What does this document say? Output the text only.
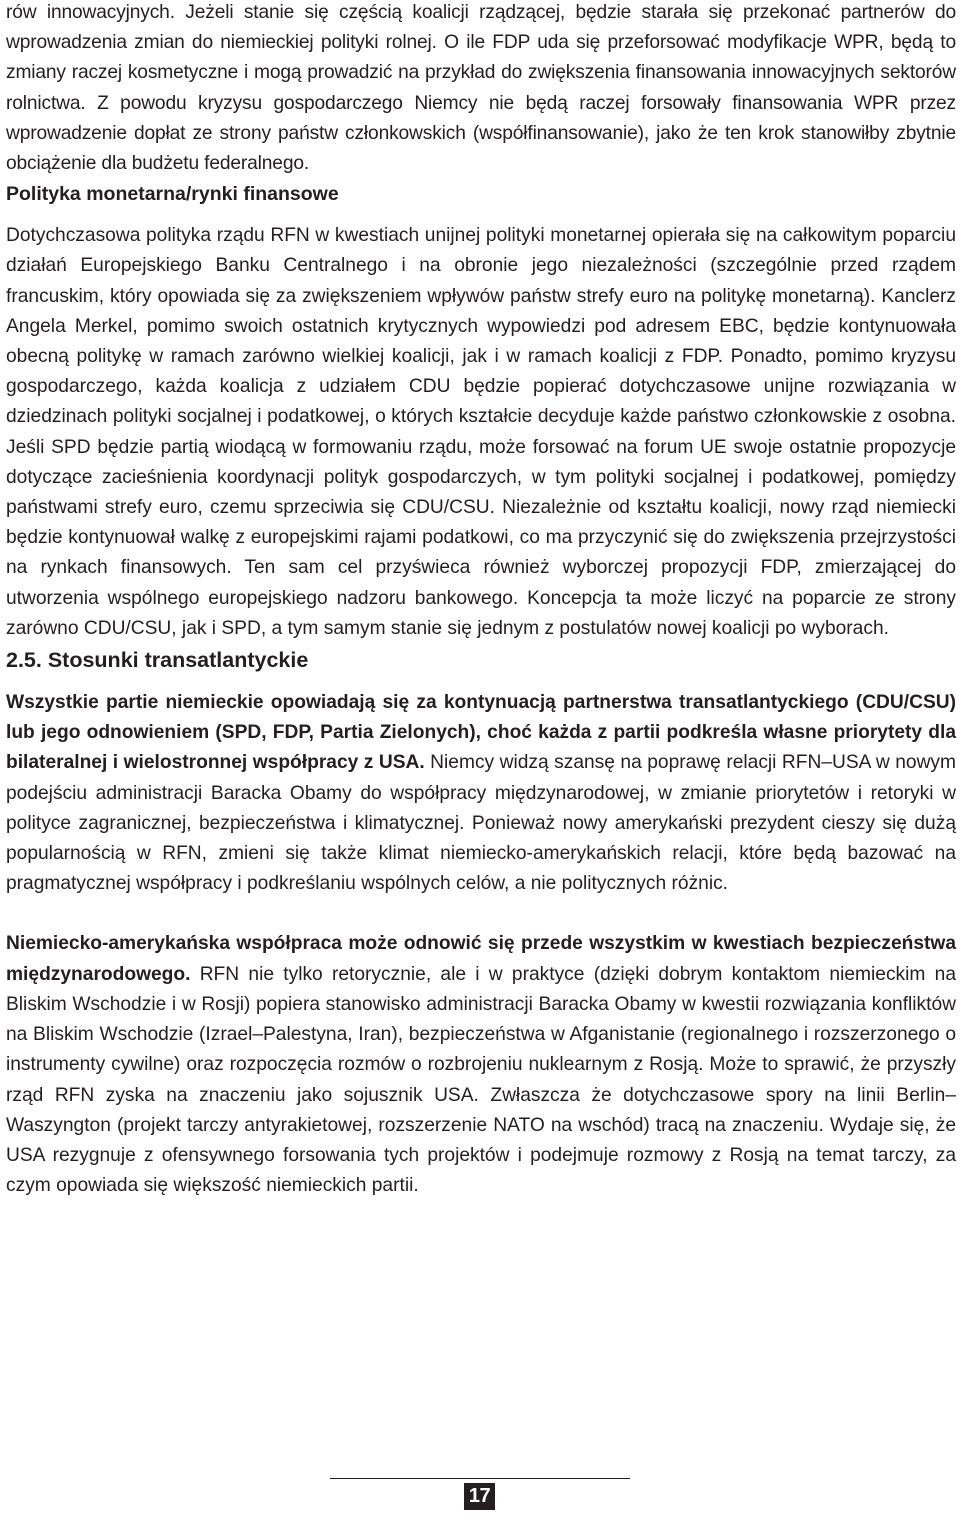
rów innowacyjnych. Jeżeli stanie się częścią koalicji rządzącej, będzie starała się przekonać partnerów do wprowadzenia zmian do niemieckiej polityki rolnej. O ile FDP uda się przeforsować modyfikacje WPR, będą to zmiany raczej kosmetyczne i mogą prowadzić na przykład do zwiększenia finansowania innowacyjnych sektorów rolnictwa. Z powodu kryzysu gospodarczego Niemcy nie będą raczej forsowały finansowania WPR przez wprowadzenie dopłat ze strony państw członkowskich (współfinansowanie), jako że ten krok stanowiłby zbytnie obciążenie dla budżetu federalnego.

Polityka monetarna/rynki finansowe

Dotychczasowa polityka rządu RFN w kwestiach unijnej polityki monetarnej opierała się na całkowitym poparciu działań Europejskiego Banku Centralnego i na obronie jego niezależności (szczególnie przed rządem francuskim, który opowiada się za zwiększeniem wpływów państw strefy euro na politykę monetarną). Kanclerz Angela Merkel, pomimo swoich ostatnich krytycznych wypowiedzi pod adresem EBC, będzie kontynuowała obecną politykę w ramach zarówno wielkiej koalicji, jak i w ramach koalicji z FDP. Ponadto, pomimo kryzysu gospodarczego, każda koalicja z udziałem CDU będzie popierać dotychczasowe unijne rozwiązania w dziedzinach polityki socjalnej i podatkowej, o których kształcie decyduje każde państwo członkowskie z osobna. Jeśli SPD będzie partią wiodącą w formowaniu rządu, może forsować na forum UE swoje ostatnie propozycje dotyczące zacieśnienia koordynacji polityk gospodarczych, w tym polityki socjalnej i podatkowej, pomiędzy państwami strefy euro, czemu sprzeciwia się CDU/CSU. Niezależnie od kształtu koalicji, nowy rząd niemiecki będzie kontynuował walkę z europejskimi rajami podatkowi, co ma przyczynić się do zwiększenia przejrzystości na rynkach finansowych. Ten sam cel przyświeca również wyborczej propozycji FDP, zmierzającej do utworzenia wspólnego europejskiego nadzoru bankowego. Koncepcja ta może liczyć na poparcie ze strony zarówno CDU/CSU, jak i SPD, a tym samym stanie się jednym z postulatów nowej koalicji po wyborach.

2.5. Stosunki transatlantyckie

Wszystkie partie niemieckie opowiadają się za kontynuacją partnerstwa transatlantyckiego (CDU/CSU) lub jego odnowieniem (SPD, FDP, Partia Zielonych), choć każda z partii podkreśla własne priorytety dla bilateralnej i wielostronnej współpracy z USA. Niemcy widzą szansę na poprawę relacji RFN–USA w nowym podejściu administracji Baracka Obamy do współpracy międzynarodowej, w zmianie priorytetów i retoryki w polityce zagranicznej, bezpieczeństwa i klimatycznej. Ponieważ nowy amerykański prezydent cieszy się dużą popularnością w RFN, zmieni się także klimat niemiecko-amerykańskich relacji, które będą bazować na pragmatycznej współpracy i podkreślaniu wspólnych celów, a nie politycznych różnic.

Niemiecko-amerykańska współpraca może odnowić się przede wszystkim w kwestiach bezpieczeństwa międzynarodowego. RFN nie tylko retorycznie, ale i w praktyce (dzięki dobrym kontaktom niemieckim na Bliskim Wschodzie i w Rosji) popiera stanowisko administracji Baracka Obamy w kwestii rozwiązania konfliktów na Bliskim Wschodzie (Izrael–Palestyna, Iran), bezpieczeństwa w Afganistanie (regionalnego i rozszerzonego o instrumenty cywilne) oraz rozpoczęcia rozmów o rozbrojeniu nuklearnym z Rosją. Może to sprawić, że przyszły rząd RFN zyska na znaczeniu jako sojusznik USA. Zwłaszcza że dotychczasowe spory na linii Berlin–Waszyngton (projekt tarczy antyrakietowej, rozszerzenie NATO na wschód) tracą na znaczeniu. Wydaje się, że USA rezygnuje z ofensywnego forsowania tych projektów i podejmuje rozmowy z Rosją na temat tarczy, za czym opowiada się większość niemieckich partii.

17
